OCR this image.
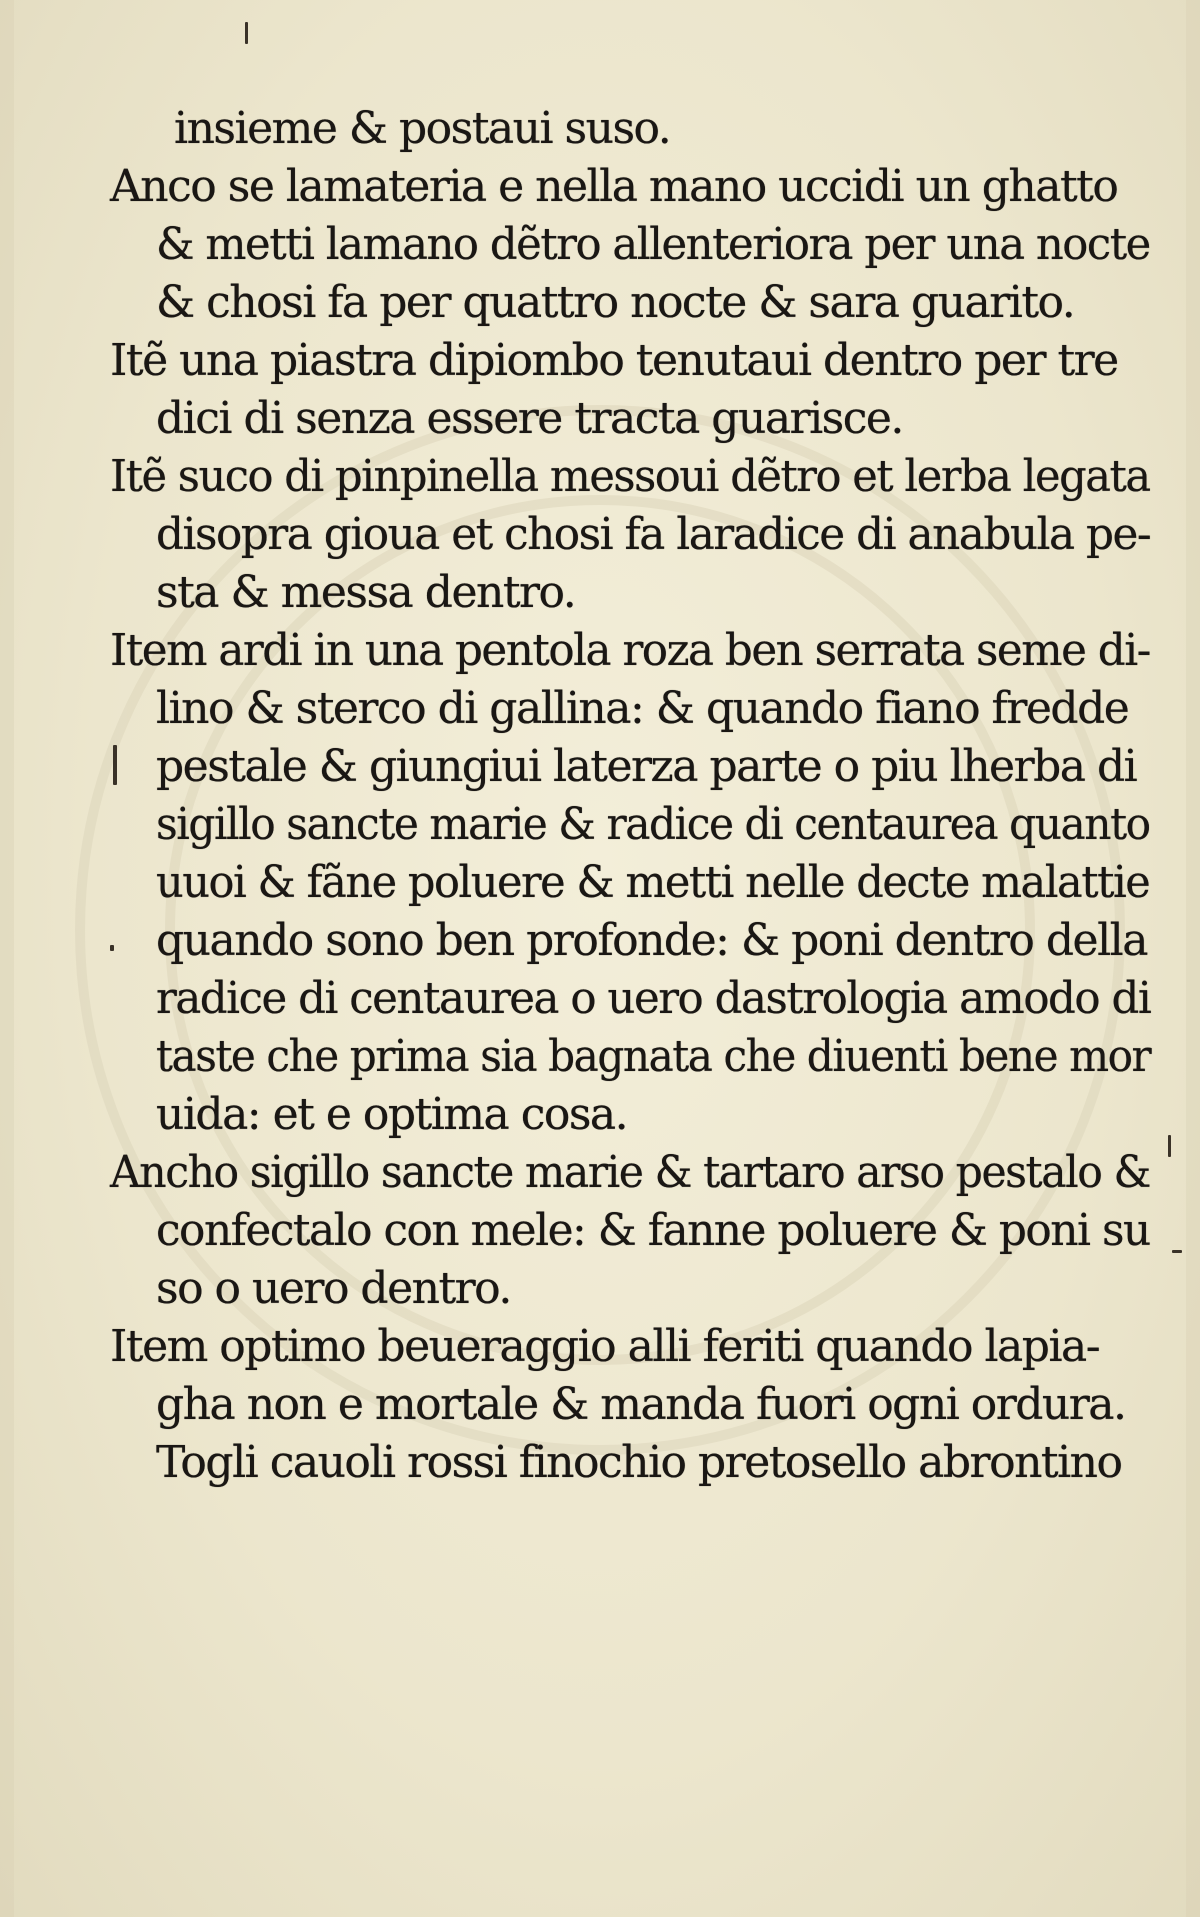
insieme & postaui suso.
Anco se lamateria e nella mano uccidi un ghatto
& metti lamano dẽtro allenteriora per una nocte
& chosi fa per quattro nocte & sara guarito.
Itẽ una piastra dipiombo tenutaui dentro per tre
dici di senza essere tracta guarisce.
Itẽ suco di pinpinella messoui dẽtro et lerba legata
disopra gioua et chosi fa laradice di anabula pe-
sta & messa dentro.
Item ardi in una pentola roza ben serrata seme di-
lino & sterco di gallina: & quando fiano fredde
pestale & giungiui laterza parte o piu lherba di
sigillo sancte marie & radice di centaurea quanto
uuoi & fãne poluere & metti nelle decte malattie
quando sono ben profonde: & poni dentro della
radice di centaurea o uero dastrologia amodo di
taste che prima sia bagnata che diuenti bene mor
uida: et e optima cosa.
Ancho sigillo sancte marie & tartaro arso pestalo &
confectalo con mele: & fanne poluere & poni su
so o uero dentro.
Item optimo beueraggio alli feriti quando lapia-
gha non e mortale & manda fuori ogni ordura.
Togli cauoli rossi finochio pretosello abrontino
